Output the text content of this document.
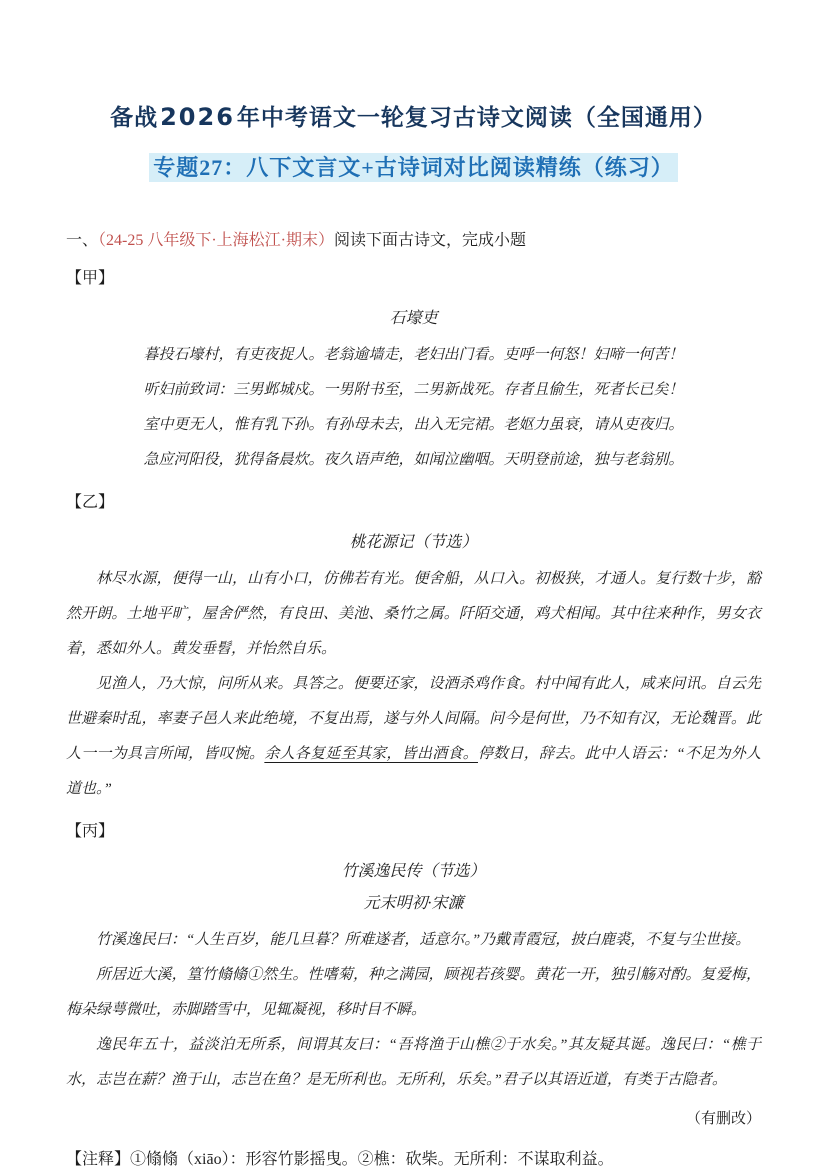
备战2026年中考语文一轮复习古诗文阅读（全国通用）
专题27：八下文言文+古诗词对比阅读精练（练习）
一、（24-25 八年级下·上海松江·期末）阅读下面古诗文，完成小题
【甲】
石壕吏
暮投石壕村，有吏夜捉人。老翁逾墙走，老妇出门看。吏呼一何怒！妇啼一何苦！
听妇前致词：三男邺城戍。一男附书至，二男新战死。存者且偷生，死者长已矣！
室中更无人，惟有乳下孙。有孙母未去，出入无完裙。老妪力虽衰，请从吏夜归。
急应河阳役，犹得备晨炊。夜久语声绝，如闻泣幽咽。天明登前途，独与老翁别。
【乙】
桃花源记（节选）

林尽水源，便得一山，山有小口，仿佛若有光。便舍船，从口入。初极狭，才通人。复行数十步，豁然开朗。土地平旷，屋舍俨然，有良田、美池、桑竹之属。阡陌交通，鸡犬相闻。其中往来种作，男女衣着，悉如外人。黄发垂髫，并怡然自乐。

见渔人，乃大惊，问所从来。具答之。便要还家，设酒杀鸡作食。村中闻有此人，咸来问讯。自云先世避秦时乱，率妻子邑人来此绝境，不复出焉，遂与外人间隔。问今是何世，乃不知有汉，无论魏晋。此人一一为具言所闻，皆叹惋。余人各复延至其家，皆出酒食。停数日，辞去。此中人语云：“不足为外人道也。”

【丙】
竹溪逸民传（节选）
元末明初·宋濂

竹溪逸民曰：“人生百岁，能几旦暮？所难遂者，适意尔。”乃戴青霞冠，披白鹿裘，不复与尘世接。

所居近大溪，篁竹翛翛①然生。性嗜菊，种之满园，顾视若孩婴。黄花一开，独引觞对酌。复爱梅，梅朵绿萼微吐，赤脚踏雪中，见辄凝视，移时目不瞬。

逸民年五十，益淡泊无所系，间谓其友曰：“吾将渔于山樵②于水矣。”其友疑其诞。逸民曰：“樵于水，志岂在薪？渔于山，志岂在鱼？是无所利也。无所利，乐矣。”君子以其语近道，有类于古隐者。

（有删改）
【注释】①翛翛（xiāo）：形容竹影摇曳。②樵：砍柴。无所利：不谋取利益。
